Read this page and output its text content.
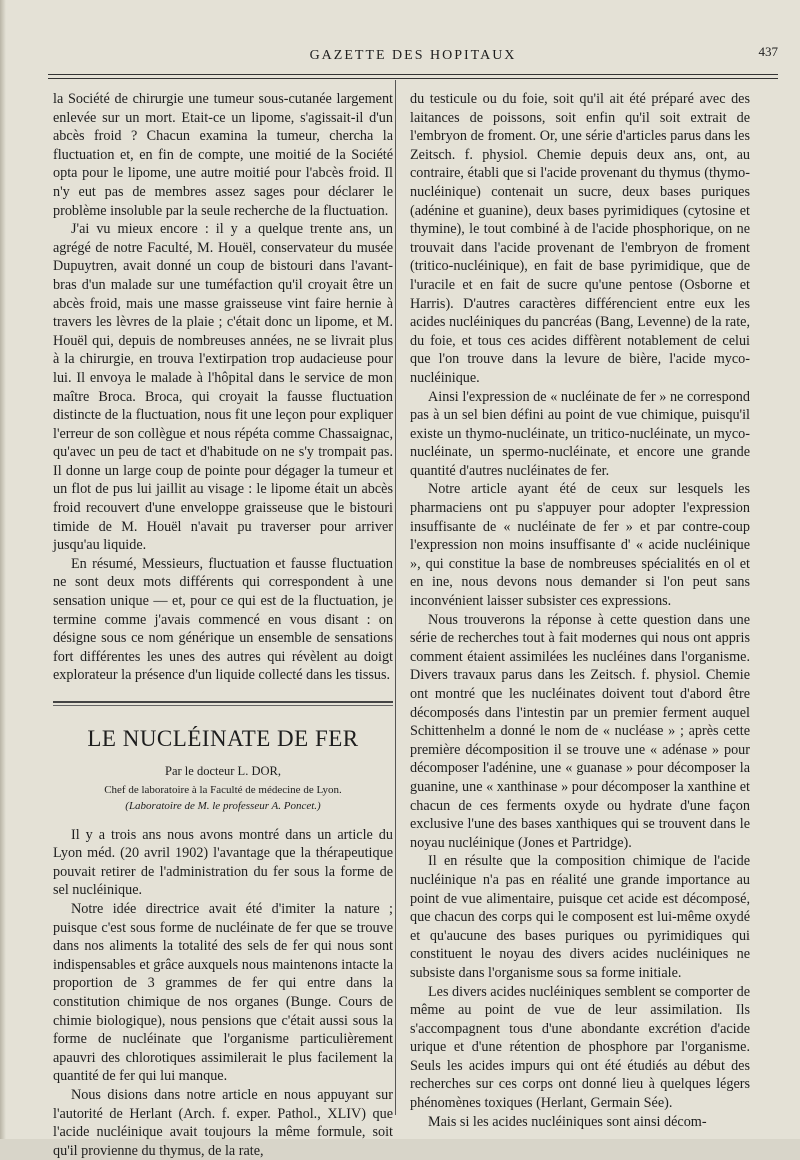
GAZETTE DES HOPITAUX	437

la Société de chirurgie une tumeur sous-cutanée largement enlevée sur un mort. Etait-ce un lipome, s'agissait-il d'un abcès froid ? Chacun examina la tumeur, chercha la fluctuation et, en fin de compte, une moitié de la Société opta pour le lipome, une autre moitié pour l'abcès froid. Il n'y eut pas de membres assez sages pour déclarer le problème insoluble par la seule recherche de la fluctuation.

J'ai vu mieux encore : il y a quelque trente ans, un agrégé de notre Faculté, M. Houël, conservateur du musée Dupuytren, avait donné un coup de bistouri dans l'avant-bras d'un malade sur une tuméfaction qu'il croyait être un abcès froid, mais une masse graisseuse vint faire hernie à travers les lèvres de la plaie ; c'était donc un lipome, et M. Houël qui, depuis de nombreuses années, ne se livrait plus à la chirurgie, en trouva l'extirpation trop audacieuse pour lui. Il envoya le malade à l'hôpital dans le service de mon maître Broca. Broca, qui croyait la fausse fluctuation distincte de la fluctuation, nous fit une leçon pour expliquer l'erreur de son collègue et nous répéta comme Chassaignac, qu'avec un peu de tact et d'habitude on ne s'y trompait pas. Il donne un large coup de pointe pour dégager la tumeur et un flot de pus lui jaillit au visage : le lipome était un abcès froid recouvert d'une enveloppe graisseuse que le bistouri timide de M. Houël n'avait pu traverser pour arriver jusqu'au liquide.

En résumé, Messieurs, fluctuation et fausse fluctuation ne sont deux mots différents qui correspondent à une sensation unique — et, pour ce qui est de la fluctuation, je termine comme j'avais commencé en vous disant : on désigne sous ce nom générique un ensemble de sensations fort différentes les unes des autres qui révèlent au doigt explorateur la présence d'un liquide collecté dans les tissus.

LE NUCLÉINATE DE FER
Par le docteur L. DOR,
Chef de laboratoire à la Faculté de médecine de Lyon.
(Laboratoire de M. le professeur A. Poncet.)

Il y a trois ans nous avons montré dans un article du Lyon méd. (20 avril 1902) l'avantage que la thérapeutique pouvait retirer de l'administration du fer sous la forme de sel nucléinique.

Notre idée directrice avait été d'imiter la nature ; puisque c'est sous forme de nucléinate de fer que se trouve dans nos aliments la totalité des sels de fer qui nous sont indispensables et grâce auxquels nous maintenons intacte la proportion de 3 grammes de fer qui entre dans la constitution chimique de nos organes (Bunge. Cours de chimie biologique), nous pensions que c'était aussi sous la forme de nucléinate que l'organisme particulièrement apauvri des chlorotiques assimilerait le plus facilement la quantité de fer qui lui manque.

Nous disions dans notre article en nous appuyant sur l'autorité de Herlant (Arch. f. exper. Pathol., XLIV) que l'acide nucléinique avait toujours la même formule, soit qu'il provienne du thymus, de la rate,

du testicule ou du foie, soit qu'il ait été préparé avec des laitances de poissons, soit enfin qu'il soit extrait de l'embryon de froment. Or, une série d'articles parus dans les Zeitsch. f. physiol. Chemie depuis deux ans, ont, au contraire, établi que si l'acide provenant du thymus (thymo-nucléinique) contenait un sucre, deux bases puriques (adénine et guanine), deux bases pyrimidiques (cytosine et thymine), le tout combiné à de l'acide phosphorique, on ne trouvait dans l'acide provenant de l'embryon de froment (tritico-nucléinique), en fait de base pyrimidique, que de l'uracile et en fait de sucre qu'une pentose (Osborne et Harris). D'autres caractères différencient entre eux les acides nucléiniques du pancréas (Bang, Levenne) de la rate, du foie, et tous ces acides diffèrent notablement de celui que l'on trouve dans la levure de bière, l'acide myco-nucléinique.

Ainsi l'expression de « nucléinate de fer » ne correspond pas à un sel bien défini au point de vue chimique, puisqu'il existe un thymo-nucléinate, un tritico-nucléinate, un myco-nucléinate, un spermo-nucléinate, et encore une grande quantité d'autres nucléinates de fer.

Notre article ayant été de ceux sur lesquels les pharmaciens ont pu s'appuyer pour adopter l'expression insuffisante de « nucléinate de fer » et par contre-coup l'expression non moins insuffisante d' « acide nucléinique », qui constitue la base de nombreuses spécialités en ol et en ine, nous devons nous demander si l'on peut sans inconvénient laisser subsister ces expressions.

Nous trouverons la réponse à cette question dans une série de recherches tout à fait modernes qui nous ont appris comment étaient assimilées les nucléines dans l'organisme. Divers travaux parus dans les Zeitsch. f. physiol. Chemie ont montré que les nucléinates doivent tout d'abord être décomposés dans l'intestin par un premier ferment auquel Schittenhelm a donné le nom de « nucléase » ; après cette première décomposition il se trouve une « adénase » pour décomposer l'adénine, une « guanase » pour décomposer la guanine, une « xanthinase » pour décomposer la xanthine et chacun de ces ferments oxyde ou hydrate d'une façon exclusive l'une des bases xanthiques qui se trouvent dans le noyau nucléinique (Jones et Partridge).

Il en résulte que la composition chimique de l'acide nucléinique n'a pas en réalité une grande importance au point de vue alimentaire, puisque cet acide est décomposé, que chacun des corps qui le composent est lui-même oxydé et qu'aucune des bases puriques ou pyrimidiques qui constituent le noyau des divers acides nucléiniques ne subsiste dans l'organisme sous sa forme initiale.

Les divers acides nucléiniques semblent se comporter de même au point de vue de leur assimilation. Ils s'accompagnent tous d'une abondante excrétion d'acide urique et d'une rétention de phosphore par l'organisme. Seuls les acides impurs qui ont été étudiés au début des recherches sur ces corps ont donné lieu à quelques légers phénomènes toxiques (Herlant, Germain Sée).

Mais si les acides nucléiniques sont ainsi décom-
